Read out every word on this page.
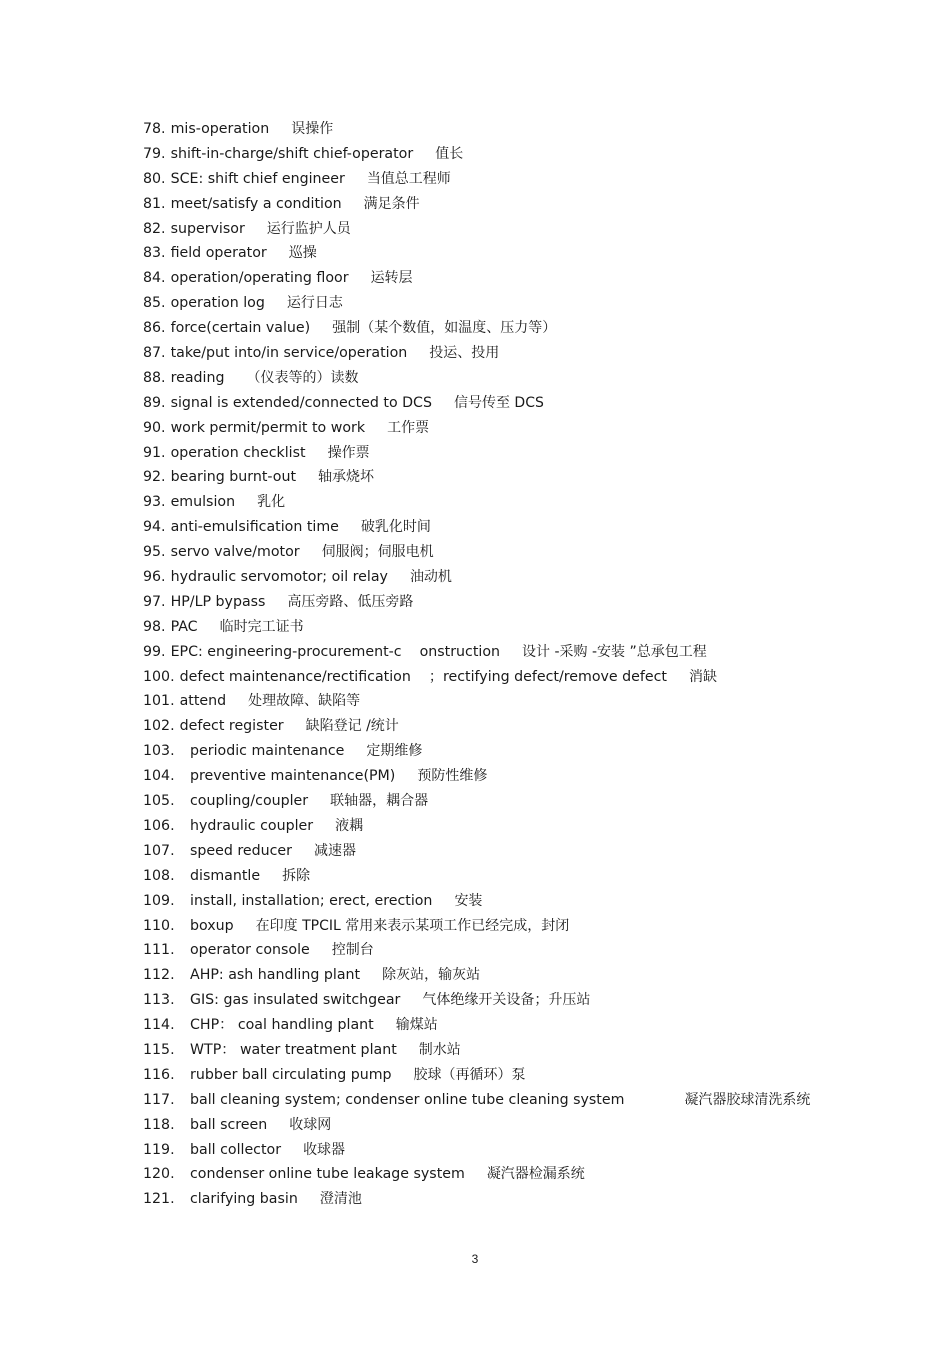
78. mis-operation 误操作
79. shift-in-charge/shift chief-operator 值长
80. SCE: shift chief engineer 当值总工程师
81. meet/satisfy a condition 满足条件
82. supervisor 运行监护人员
83. field operator 巡操
84. operation/operating floor 运转层
85. operation log 运行日志
86. force(certain value) 强制（某个数值，如温度、压力等）
87. take/put into/in service/operation 投运、投用
88. reading （仪表等的）读数
89. signal is extended/connected to DCS 信号传至 DCS
90. work permit/permit to work 工作票
91. operation checklist 操作票
92. bearing burnt-out 轴承烧坏
93. emulsion 乳化
94. anti-emulsification time 破乳化时间
95. servo valve/motor 伺服阀；伺服电机
96. hydraulic servomotor; oil relay 油动机
97. HP/LP bypass 高压旁路、低压旁路
98. PAC 临时完工证书
99. EPC: engineering-procurement-c onstruction 设计 -采购 -安装 ”总承包工程
100. defect maintenance/rectification ；rectifying defect/remove defect 消缺
101. attend 处理故障、缺陷等
102. defect register 缺陷登记 /统计
103.	periodic maintenance 定期维修
104.	preventive maintenance(PM) 预防性维修
105.	coupling/coupler 联轴器，耦合器
106.	hydraulic coupler 液耦
107.	speed reducer 减速器
108.	dismantle 拆除
109.	install, installation; erect, erection 安装
110.	boxup 在印度 TPCIL 常用来表示某项工作已经完成，封闭
111.	operator console 控制台
112.	AHP: ash handling plant 除灰站，输灰站
113.	GIS: gas insulated switchgear 气体绝缘开关设备；升压站
114.	CHP： coal handling plant 输煤站
115.	WTP： water treatment plant 制水站
116.	rubber ball circulating pump 胶球（再循环）泵
117.	ball cleaning system; condenser online tube cleaning system	凝汽器胶球清洗系统
118.	ball screen 收球网
119.	ball collector 收球器
120.	condenser online tube leakage system 凝汽器检漏系统
121.	clarifying basin 澄清池
3
